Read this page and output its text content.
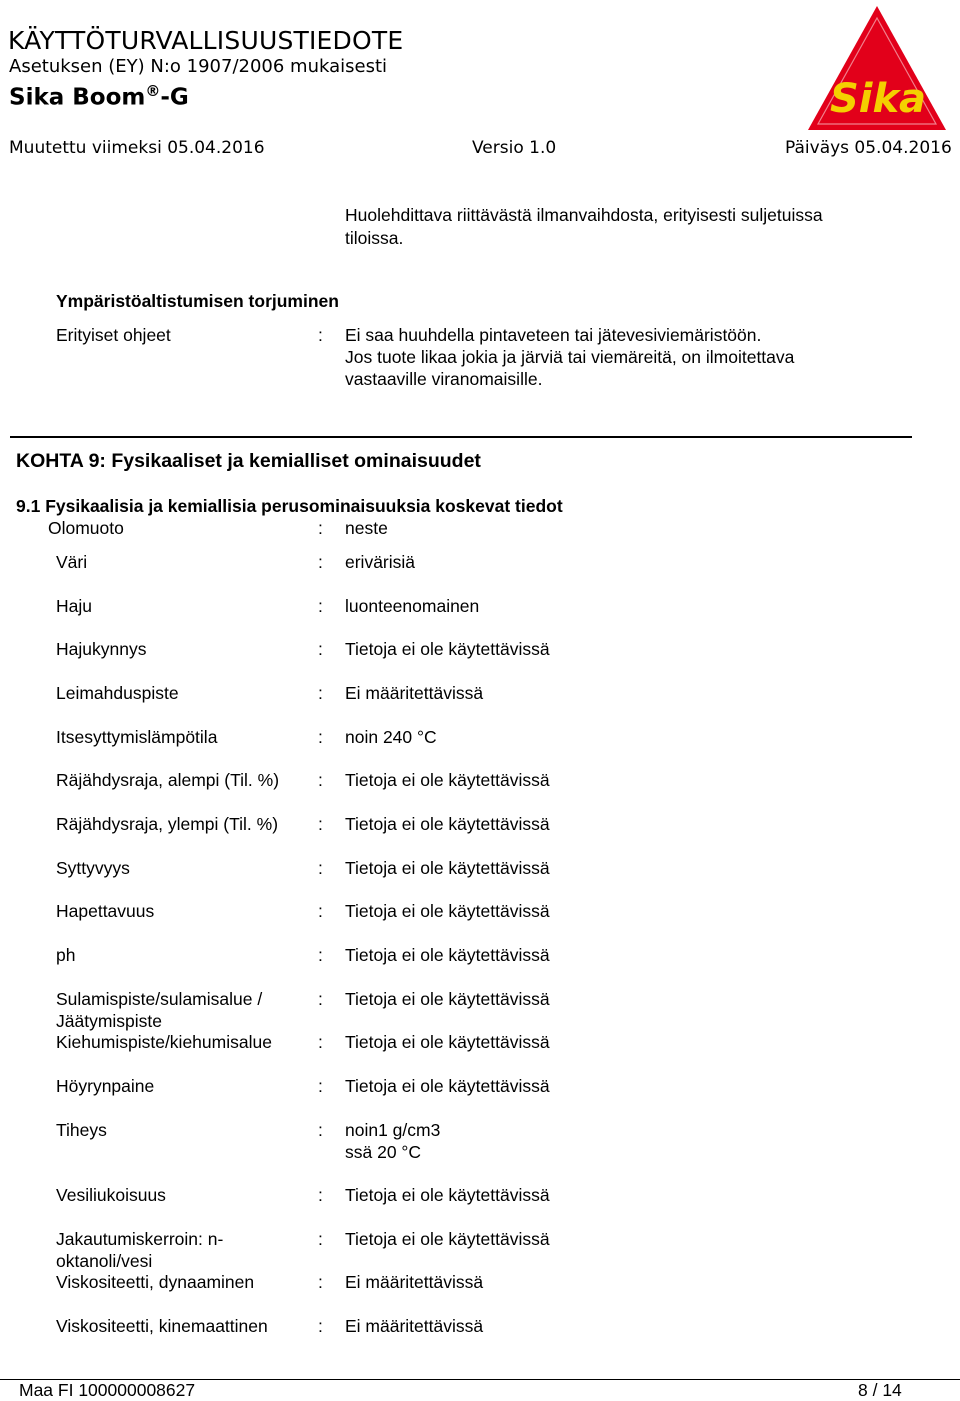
KÄYTTÖTURVALLISUUSTIEDOTE
Asetuksen (EY) N:o 1907/2006 mukaisesti
Sika Boom®-G	Sika
Muutettu viimeksi 05.04.2016	Versio 1.0	Päiväys 05.04.2016
Huolehdittava riittävästä ilmanvaihdosta, erityisesti suljetuissa
tiloissa.
Ympäristöaltistumisen torjuminen
Erityiset ohjeet	: Ei saa huuhdella pintaveteen tai jätevesiviemäristöön.
Jos tuote likaa jokia ja järviä tai viemäreitä, on ilmoitettava
vastaaville viranomaisille.
KOHTA 9: Fysikaaliset ja kemialliset ominaisuudet
9.1 Fysikaalisia ja kemiallisia perusominaisuuksia koskevat tiedot
Olomuoto	: neste
Väri	: erivärisiä
Haju	: luonteenomainen
Hajukynnys	: Tietoja ei ole käytettävissä
Leimahduspiste	: Ei määritettävissä
Itsesyttymislämpötila	: noin 240 °C
Räjähdysraja, alempi (Til. %) : Tietoja ei ole käytettävissä
Räjähdysraja, ylempi (Til. %) : Tietoja ei ole käytettävissä
Syttyvyys	: Tietoja ei ole käytettävissä
Hapettavuus	: Tietoja ei ole käytettävissä
ph	: Tietoja ei ole käytettävissä
Sulamispiste/sulamisalue /
Jäätymispiste
: Tietoja ei ole käytettävissä
Kiehumispiste/kiehumisalue	: Tietoja ei ole käytettävissä
Höyrynpaine	: Tietoja ei ole käytettävissä
Tiheys	: noin1 g/cm3
ssä 20 °C
Vesiliukoisuus	: Tietoja ei ole käytettävissä
Jakautumiskerroin: n-
oktanoli/vesi
: Tietoja ei ole käytettävissä
Viskositeetti, dynaaminen	: Ei määritettävissä
Viskositeetti, kinemaattinen	: Ei määritettävissä
Maa FI 100000008627	8 / 14
